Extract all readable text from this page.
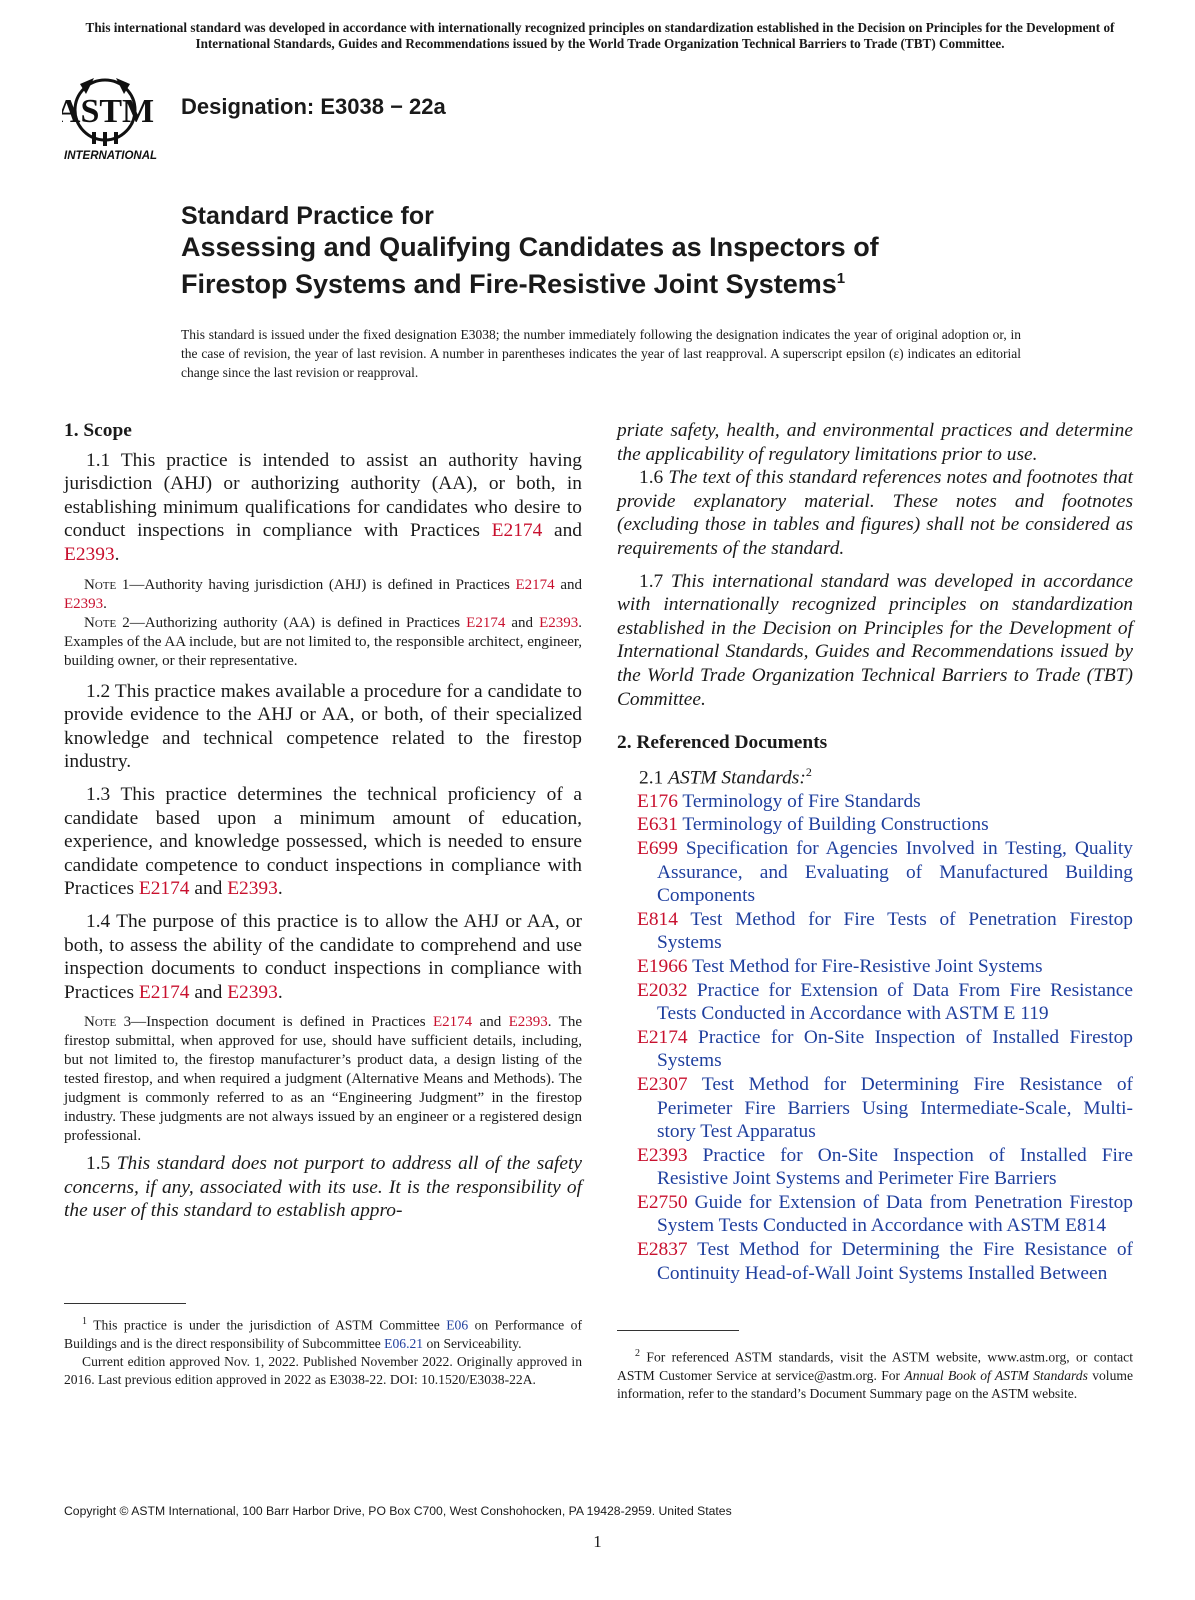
This international standard was developed in accordance with internationally recognized principles on standardization established in the Decision on Principles for the Development of International Standards, Guides and Recommendations issued by the World Trade Organization Technical Barriers to Trade (TBT) Committee.
ASTM
INTERNATIONAL
Designation: E3038 − 22a
Standard Practice for
Assessing and Qualifying Candidates as Inspectors of
Firestop Systems and Fire-Resistive Joint Systems$^1$
This standard is issued under the fixed designation E3038; the number immediately following the designation indicates the year of original adoption or, in the case of revision, the year of last revision. A number in parentheses indicates the year of last reapproval. A superscript epsilon (ε) indicates an editorial change since the last revision or reapproval.
1. Scope

1.1 This practice is intended to assist an authority having jurisdiction (AHJ) or authorizing authority (AA), or both, in establishing minimum qualifications for candidates who desire to conduct inspections in compliance with Practices E2174 and E2393.

Note 1—Authority having jurisdiction (AHJ) is defined in Practices E2174 and E2393.

Note 2—Authorizing authority (AA) is defined in Practices E2174 and E2393. Examples of the AA include, but are not limited to, the responsible architect, engineer, building owner, or their representative.

1.2 This practice makes available a procedure for a candidate to provide evidence to the AHJ or AA, or both, of their specialized knowledge and technical competence related to the firestop industry.

1.3 This practice determines the technical proficiency of a candidate based upon a minimum amount of education, experience, and knowledge possessed, which is needed to ensure candidate competence to conduct inspections in compliance with Practices E2174 and E2393.

1.4 The purpose of this practice is to allow the AHJ or AA, or both, to assess the ability of the candidate to comprehend and use inspection documents to conduct inspections in compliance with Practices E2174 and E2393.

Note 3—Inspection document is defined in Practices E2174 and E2393. The firestop submittal, when approved for use, should have sufficient details, including, but not limited to, the firestop manufacturer’s product data, a design listing of the tested firestop, and when required a judgment (Alternative Means and Methods). The judgment is commonly referred to as an “Engineering Judgment” in the firestop industry. These judgments are not always issued by an engineer or a registered design professional.

1.5 This standard does not purport to address all of the safety concerns, if any, associated with its use. It is the responsibility of the user of this standard to establish appro-

priate safety, health, and environmental practices and determine the applicability of regulatory limitations prior to use.

1.6 The text of this standard references notes and footnotes that provide explanatory material. These notes and footnotes (excluding those in tables and figures) shall not be considered as requirements of the standard.

1.7 This international standard was developed in accordance with internationally recognized principles on standardization established in the Decision on Principles for the Development of International Standards, Guides and Recommendations issued by the World Trade Organization Technical Barriers to Trade (TBT) Committee.

2. Referenced Documents

2.1 ASTM Standards:$^2$

E176 Terminology of Fire Standards

E631 Terminology of Building Constructions

E699 Specification for Agencies Involved in Testing, Quality Assurance, and Evaluating of Manufactured Building Components

E814 Test Method for Fire Tests of Penetration Firestop Systems

E1966 Test Method for Fire-Resistive Joint Systems

E2032 Practice for Extension of Data From Fire Resistance Tests Conducted in Accordance with ASTM E 119

E2174 Practice for On-Site Inspection of Installed Firestop Systems

E2307 Test Method for Determining Fire Resistance of Perimeter Fire Barriers Using Intermediate-Scale, Multi-story Test Apparatus

E2393 Practice for On-Site Inspection of Installed Fire Resistive Joint Systems and Perimeter Fire Barriers

E2750 Guide for Extension of Data from Penetration Firestop System Tests Conducted in Accordance with ASTM E814

E2837 Test Method for Determining the Fire Resistance of Continuity Head-of-Wall Joint Systems Installed Between

$^1$ This practice is under the jurisdiction of ASTM Committee E06 on Performance of Buildings and is the direct responsibility of Subcommittee E06.21 on Serviceability.

Current edition approved Nov. 1, 2022. Published November 2022. Originally approved in 2016. Last previous edition approved in 2022 as E3038-22. DOI: 10.1520/E3038-22A.

$^2$ For referenced ASTM standards, visit the ASTM website, www.astm.org, or contact ASTM Customer Service at service@astm.org. For Annual Book of ASTM Standards volume information, refer to the standard’s Document Summary page on the ASTM website.

Copyright © ASTM International, 100 Barr Harbor Drive, PO Box C700, West Conshohocken, PA 19428-2959. United States
1
